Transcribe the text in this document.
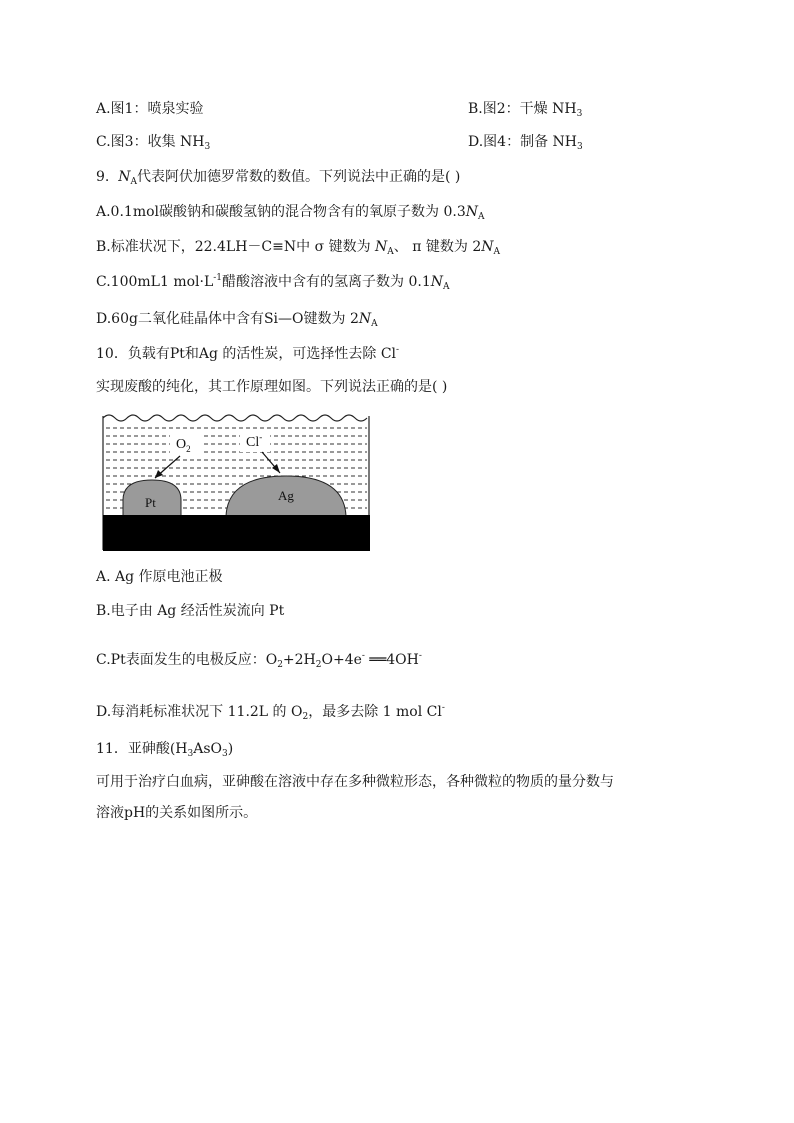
A.图1：喷泉实验	B.图2：干燥 $NH_3$
C.图3：收集 $NH_3$	D.图4：制备 $NH_3$
9. $N_A$代表阿伏加德罗常数的数值。下列说法中正确的是( )
A.0.1mol碳酸钠和碳酸氢钠的混合物含有的氧原子数为 $0.3N_A$
B.标准状况下，22.4LH－C≡N中 σ 键数为 $N_A$、 π 键数为 $2N_A$
C.100mL1 $mol\cdot L^{-1}$醋酸溶液中含有的氢离子数为 $0.1N_A$
D.60g二氧化硅晶体中含有Si—O键数为 $2N_A$
10．负载有Pt和Ag 的活性炭，可选择性去除 Cl-
实现废酸的纯化，其工作原理如图。下列说法正确的是( )
$O_2$	Cl-
Pt	Ag
A. Ag 作原电池正极
B.电子由 Ag 经活性炭流向 Pt
C.Pt表面发生的电极反应：$O_2+2H_2O+4e^-$ ══4OH-
D.每消耗标准状况下 11.2L 的 $O_2$，最多去除 1 mol Cl-
11．亚砷酸$(H_3AsO_3)$
可用于治疗白血病，亚砷酸在溶液中存在多种微粒形态，各种微粒的物质的量分数与
溶液pH的关系如图所示。
